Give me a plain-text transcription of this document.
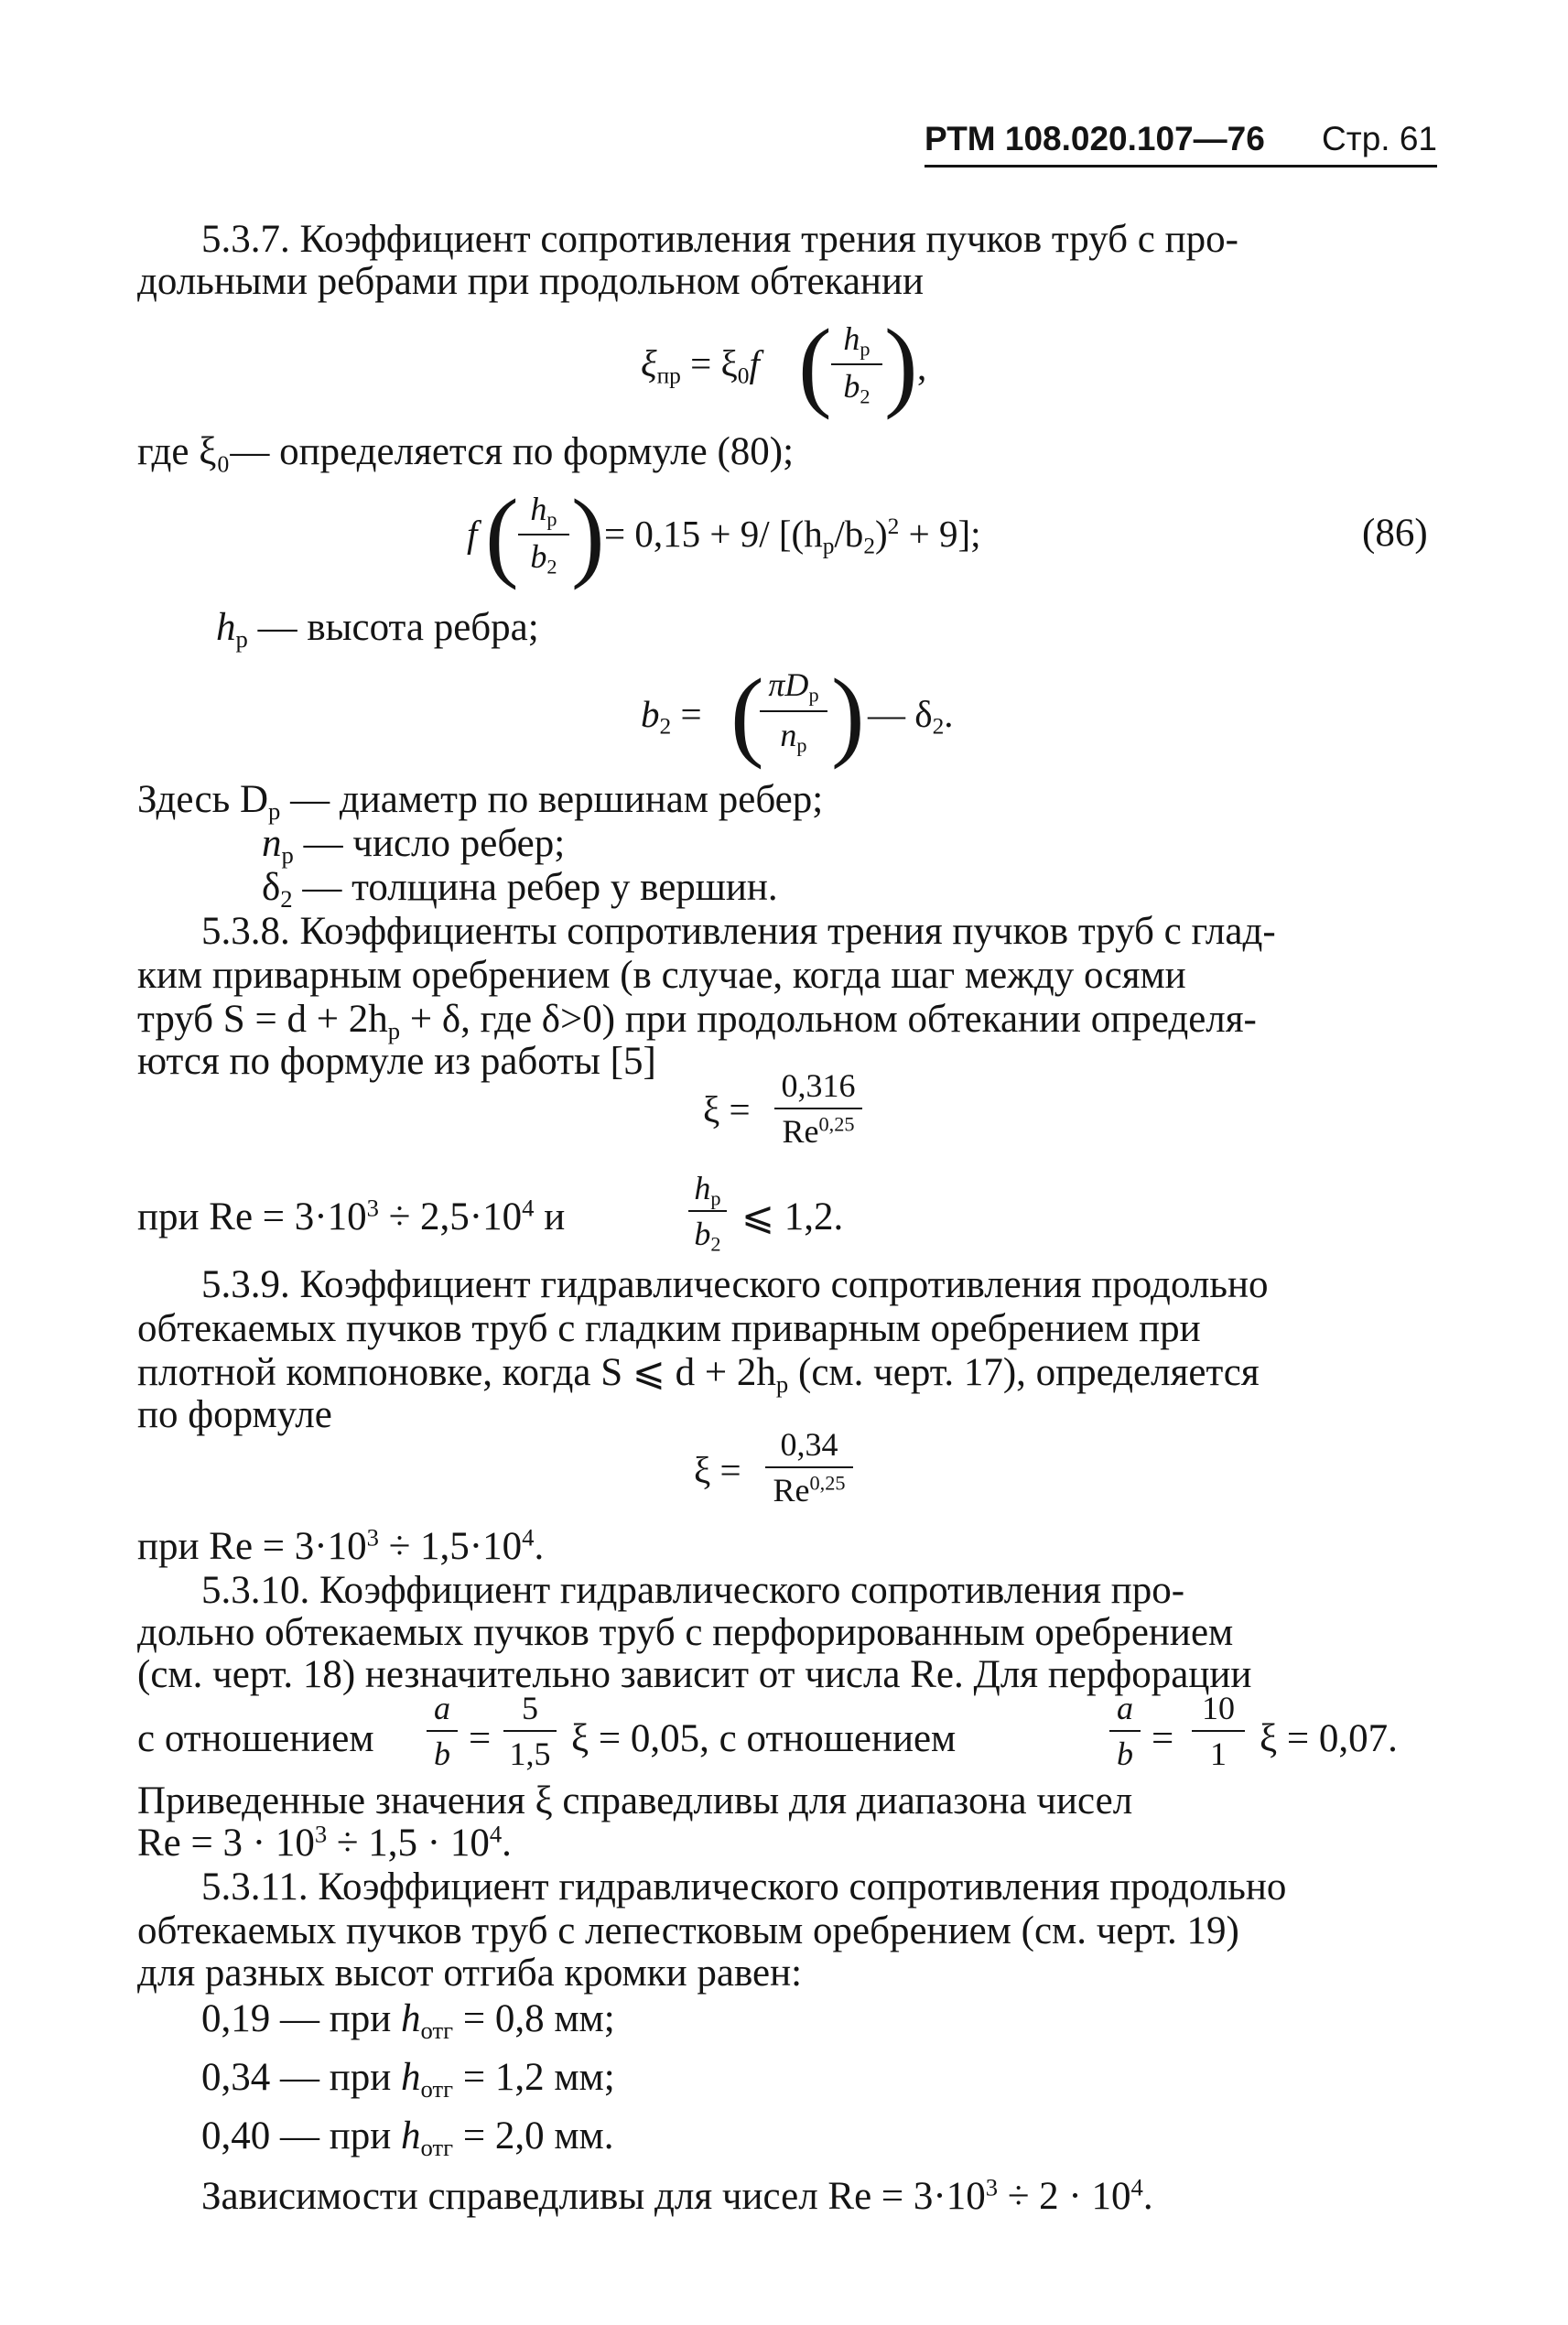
РТМ 108.020.107—76 Стр. 61
5.3.7. Коэффициент сопротивления трения пучков труб с про-
дольными ребрами при продольном обтекании
$\xi_{пр} = \xi_0f$ ( $h_р$
$b_2$ ) ,
где ξ₀— определяется по формуле (80);
f ( $h_р$
$b_2$ ) = 0,15 + 9/ $[(h_р/b_2)^2 + 9]$;	(86)
$h_р$ — высота ребра;
$b_2$ = ( $\pi D_р$
$n_р$ ) — $\delta_2$.
Здесь $D_р$ — диаметр по вершинам ребер;
$n_р$ — число ребер;
$\delta_2$ — толщина ребер у вершин.
5.3.8. Коэффициенты сопротивления трения пучков труб с глад-
ким приварным оребрением (в случае, когда шаг между осями
труб $S = d + 2h_р + \delta$, где δ>0) при продольном обтекании определя-
ются по формуле из работы [5]
ξ =
0,316
Re$^{0,25}$
при $Re = 3\cdot 10^3 \div 2,5\cdot 10^4$ и
$h_р$
$b_2$
⩽ 1,2.
5.3.9. Коэффициент гидравлического сопротивления продольно
обтекаемых пучков труб с гладким приварным оребрением при
плотной компоновке, когда S ⩽ $d + 2h_р$ (см. черт. 17), определяется
по формуле
ξ =
0,34
Re$^{0,25}$
при $Re = 3\cdot 10^3 \div 1,5\cdot 10^4$.
5.3.10. Коэффициент гидравлического сопротивления про-
дольно обтекаемых пучков труб с перфорированным оребрением
(см. черт. 18) незначительно зависит от числа Re. Для перфорации
с отношением
a
b =
5
1,5 ξ = 0,05, с отношением
a
b =
10
1 ξ = 0,07.
Приведенные значения ξ справедливы для диапазона чисел
$Re = 3 \cdot 10^3 \div 1,5 \cdot 10^4$.
5.3.11. Коэффициент гидравлического сопротивления продольно
обтекаемых пучков труб с лепестковым оребрением (см. черт. 19)
для разных высот отгиба кромки равен:
0,19 — при $h_{отг} = 0,8$ мм;
0,34 — при $h_{отг} = 1,2$ мм;
0,40 — при $h_{отг} = 2,0$ мм.
Зависимости справедливы для чисел $Re = 3\cdot 10^3 \div 2 \cdot 10^4$.
